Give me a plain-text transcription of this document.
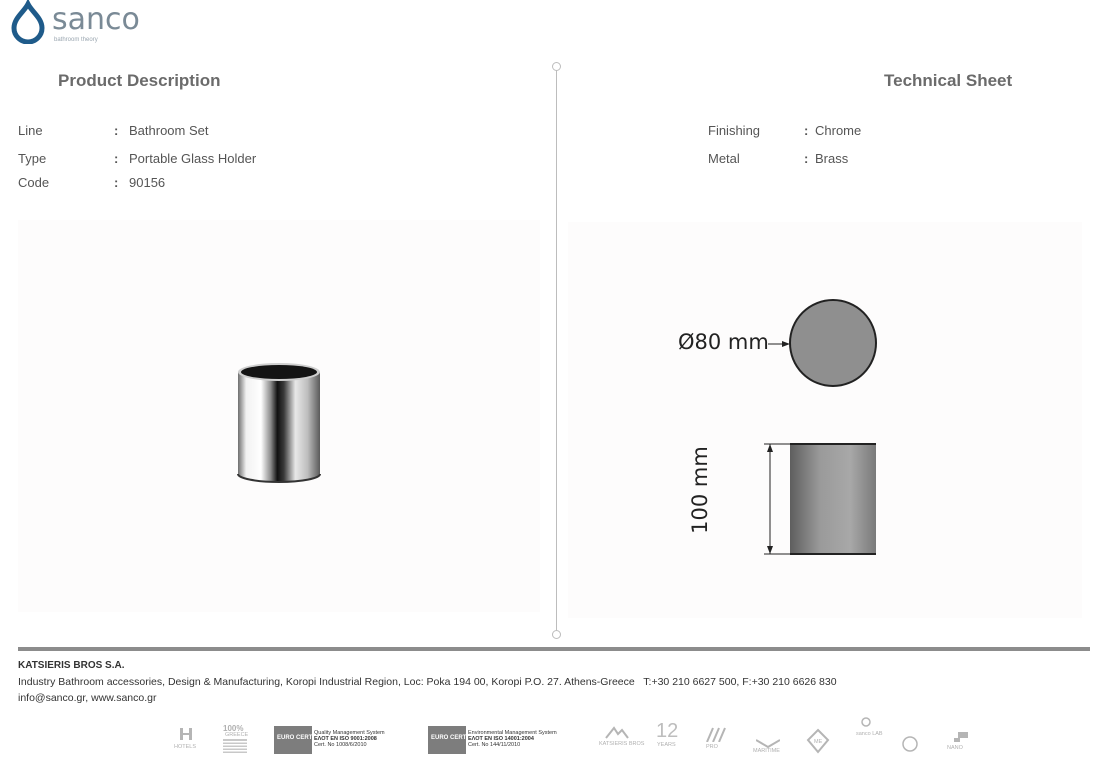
sanco
bathroom theory
Product Description	Technical Sheet
Line	: Bathroom Set
Type	: Portable Glass Holder
Code	: 90156
Finishing	: Chrome
Metal	: Brass
Ø80 mm
100 mm
KATSIERIS BROS S.A.
Industry Bathroom accessories, Design & Manufacturing, Koropi Industrial Region, Loc: Poka 194 00, Koropi P.O. 27. Athens-Greece T:+30 210 6627 500, F:+30 210 6626 830
info@sanco.gr, www.sanco.gr
HOTELS
100%
GREECE	EURO CERT
Quality Management System
ΕΛΟΤ EN ISO 9001:2008
Cert. No 1008/6/2010
EURO CERT
Environmental Management System
ΕΛΟΤ EN ISO 14001:2004
Cert. No 144/11/2010	KATSIERIS BROS
12
YEARS	PRO
MARITIME
ME
sanco LAB
NANO
